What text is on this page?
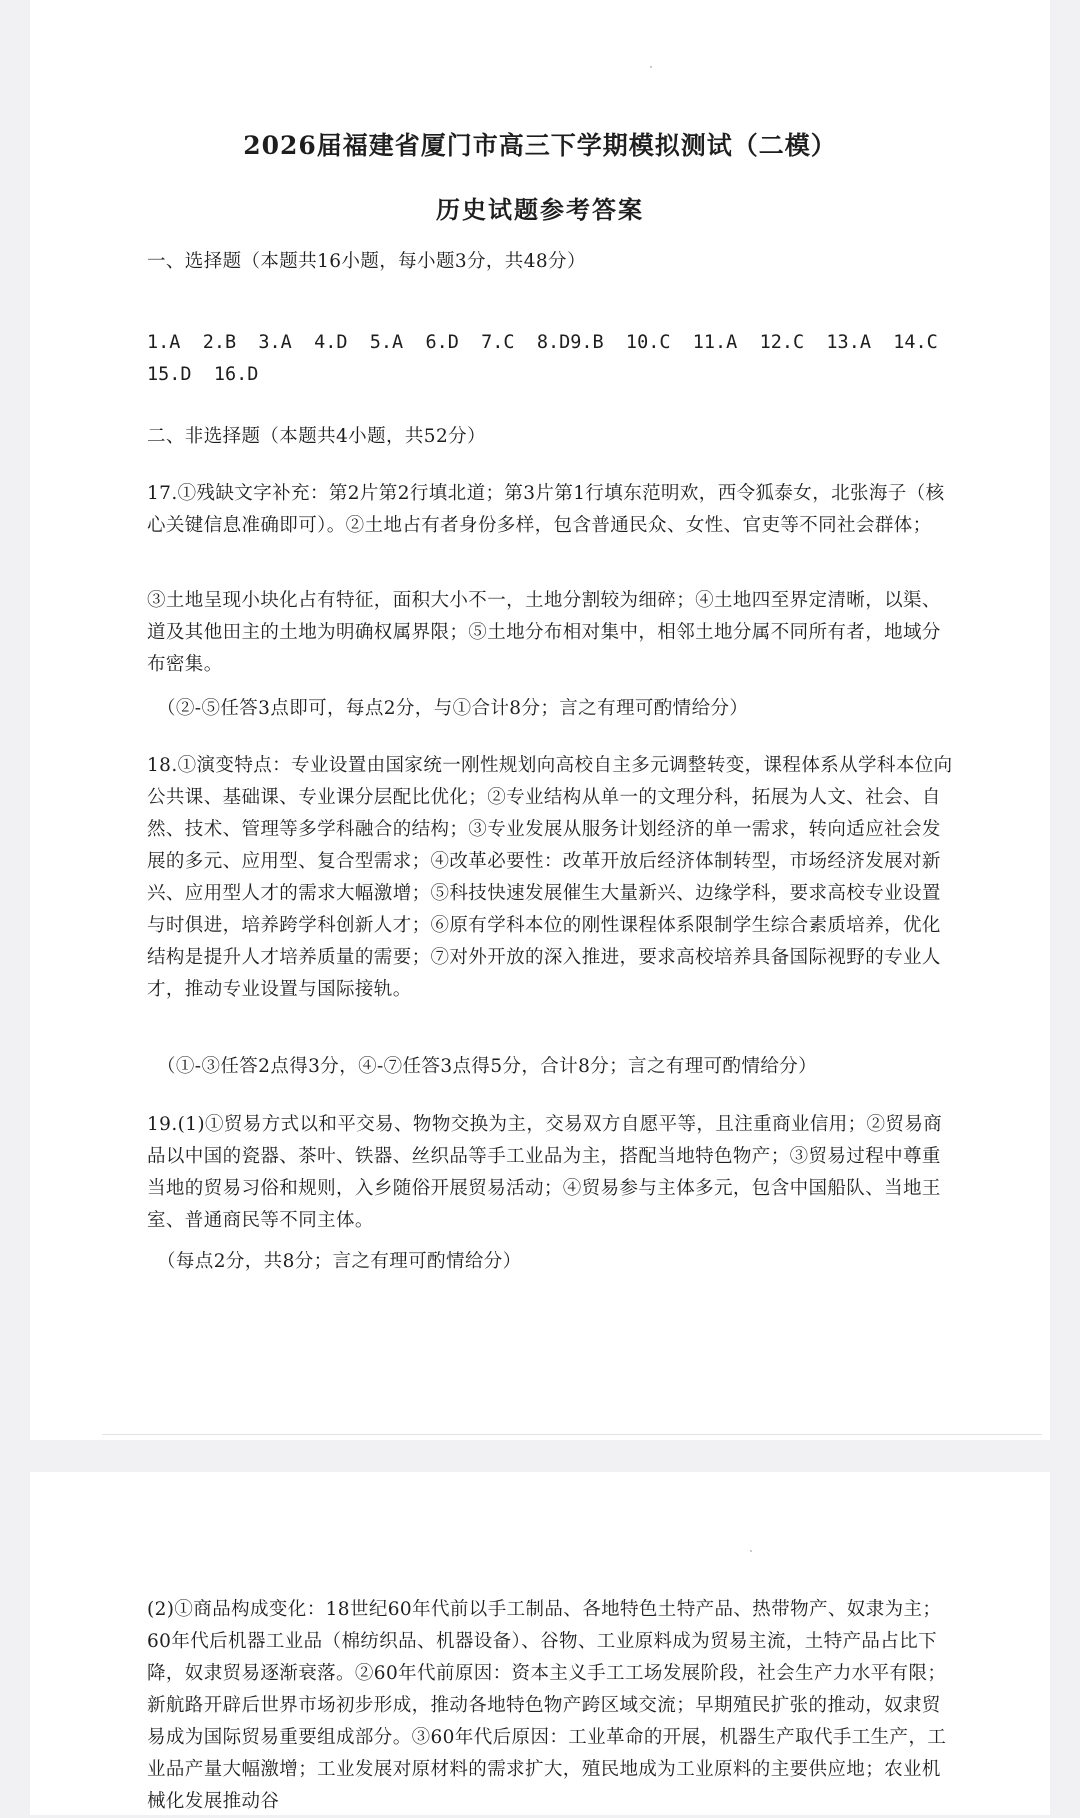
2026届福建省厦门市高三下学期模拟测试（二模）
历史试题参考答案

一、选择题（本题共16小题，每小题3分，共48分）

1.A  2.B  3.A  4.D  5.A  6.D  7.C  8.D9.B  10.C  11.A  12.C  13.A  14.C

15.D  16.D

二、非选择题（本题共4小题，共52分）

17.①残缺文字补充：第2片第2行填北道；第3片第1行填东范明欢，西令狐泰女，北张海子（核心关键信息准确即可）。②土地占有者身份多样，包含普通民众、女性、官吏等不同社会群体；

③土地呈现小块化占有特征，面积大小不一，土地分割较为细碎；④土地四至界定清晰，以渠、道及其他田主的土地为明确权属界限；⑤土地分布相对集中，相邻土地分属不同所有者，地域分布密集。

（②-⑤任答3点即可，每点2分，与①合计8分；言之有理可酌情给分）

18.①演变特点：专业设置由国家统一刚性规划向高校自主多元调整转变，课程体系从学科本位向公共课、基础课、专业课分层配比优化；②专业结构从单一的文理分科，拓展为人文、社会、自然、技术、管理等多学科融合的结构；③专业发展从服务计划经济的单一需求，转向适应社会发展的多元、应用型、复合型需求；④改革必要性：改革开放后经济体制转型，市场经济发展对新兴、应用型人才的需求大幅激增；⑤科技快速发展催生大量新兴、边缘学科，要求高校专业设置与时俱进，培养跨学科创新人才；⑥原有学科本位的刚性课程体系限制学生综合素质培养，优化结构是提升人才培养质量的需要；⑦对外开放的深入推进，要求高校培养具备国际视野的专业人才，推动专业设置与国际接轨。

（①-③任答2点得3分，④-⑦任答3点得5分，合计8分；言之有理可酌情给分）

19.(1)①贸易方式以和平交易、物物交换为主，交易双方自愿平等，且注重商业信用；②贸易商品以中国的瓷器、茶叶、铁器、丝织品等手工业品为主，搭配当地特色物产；③贸易过程中尊重当地的贸易习俗和规则，入乡随俗开展贸易活动；④贸易参与主体多元，包含中国船队、当地王室、普通商民等不同主体。

（每点2分，共8分；言之有理可酌情给分）

(2)①商品构成变化：18世纪60年代前以手工制品、各地特色土特产品、热带物产、奴隶为主；60年代后机器工业品（棉纺织品、机器设备）、谷物、工业原料成为贸易主流，土特产品占比下降，奴隶贸易逐渐衰落。②60年代前原因：资本主义手工工场发展阶段，社会生产力水平有限；新航路开辟后世界市场初步形成，推动各地特色物产跨区域交流；早期殖民扩张的推动，奴隶贸易成为国际贸易重要组成部分。③60年代后原因：工业革命的开展，机器生产取代手工生产，工业品产量大幅激增；工业发展对原材料的需求扩大，殖民地成为工业原料的主要供应地；农业机械化发展推动谷
